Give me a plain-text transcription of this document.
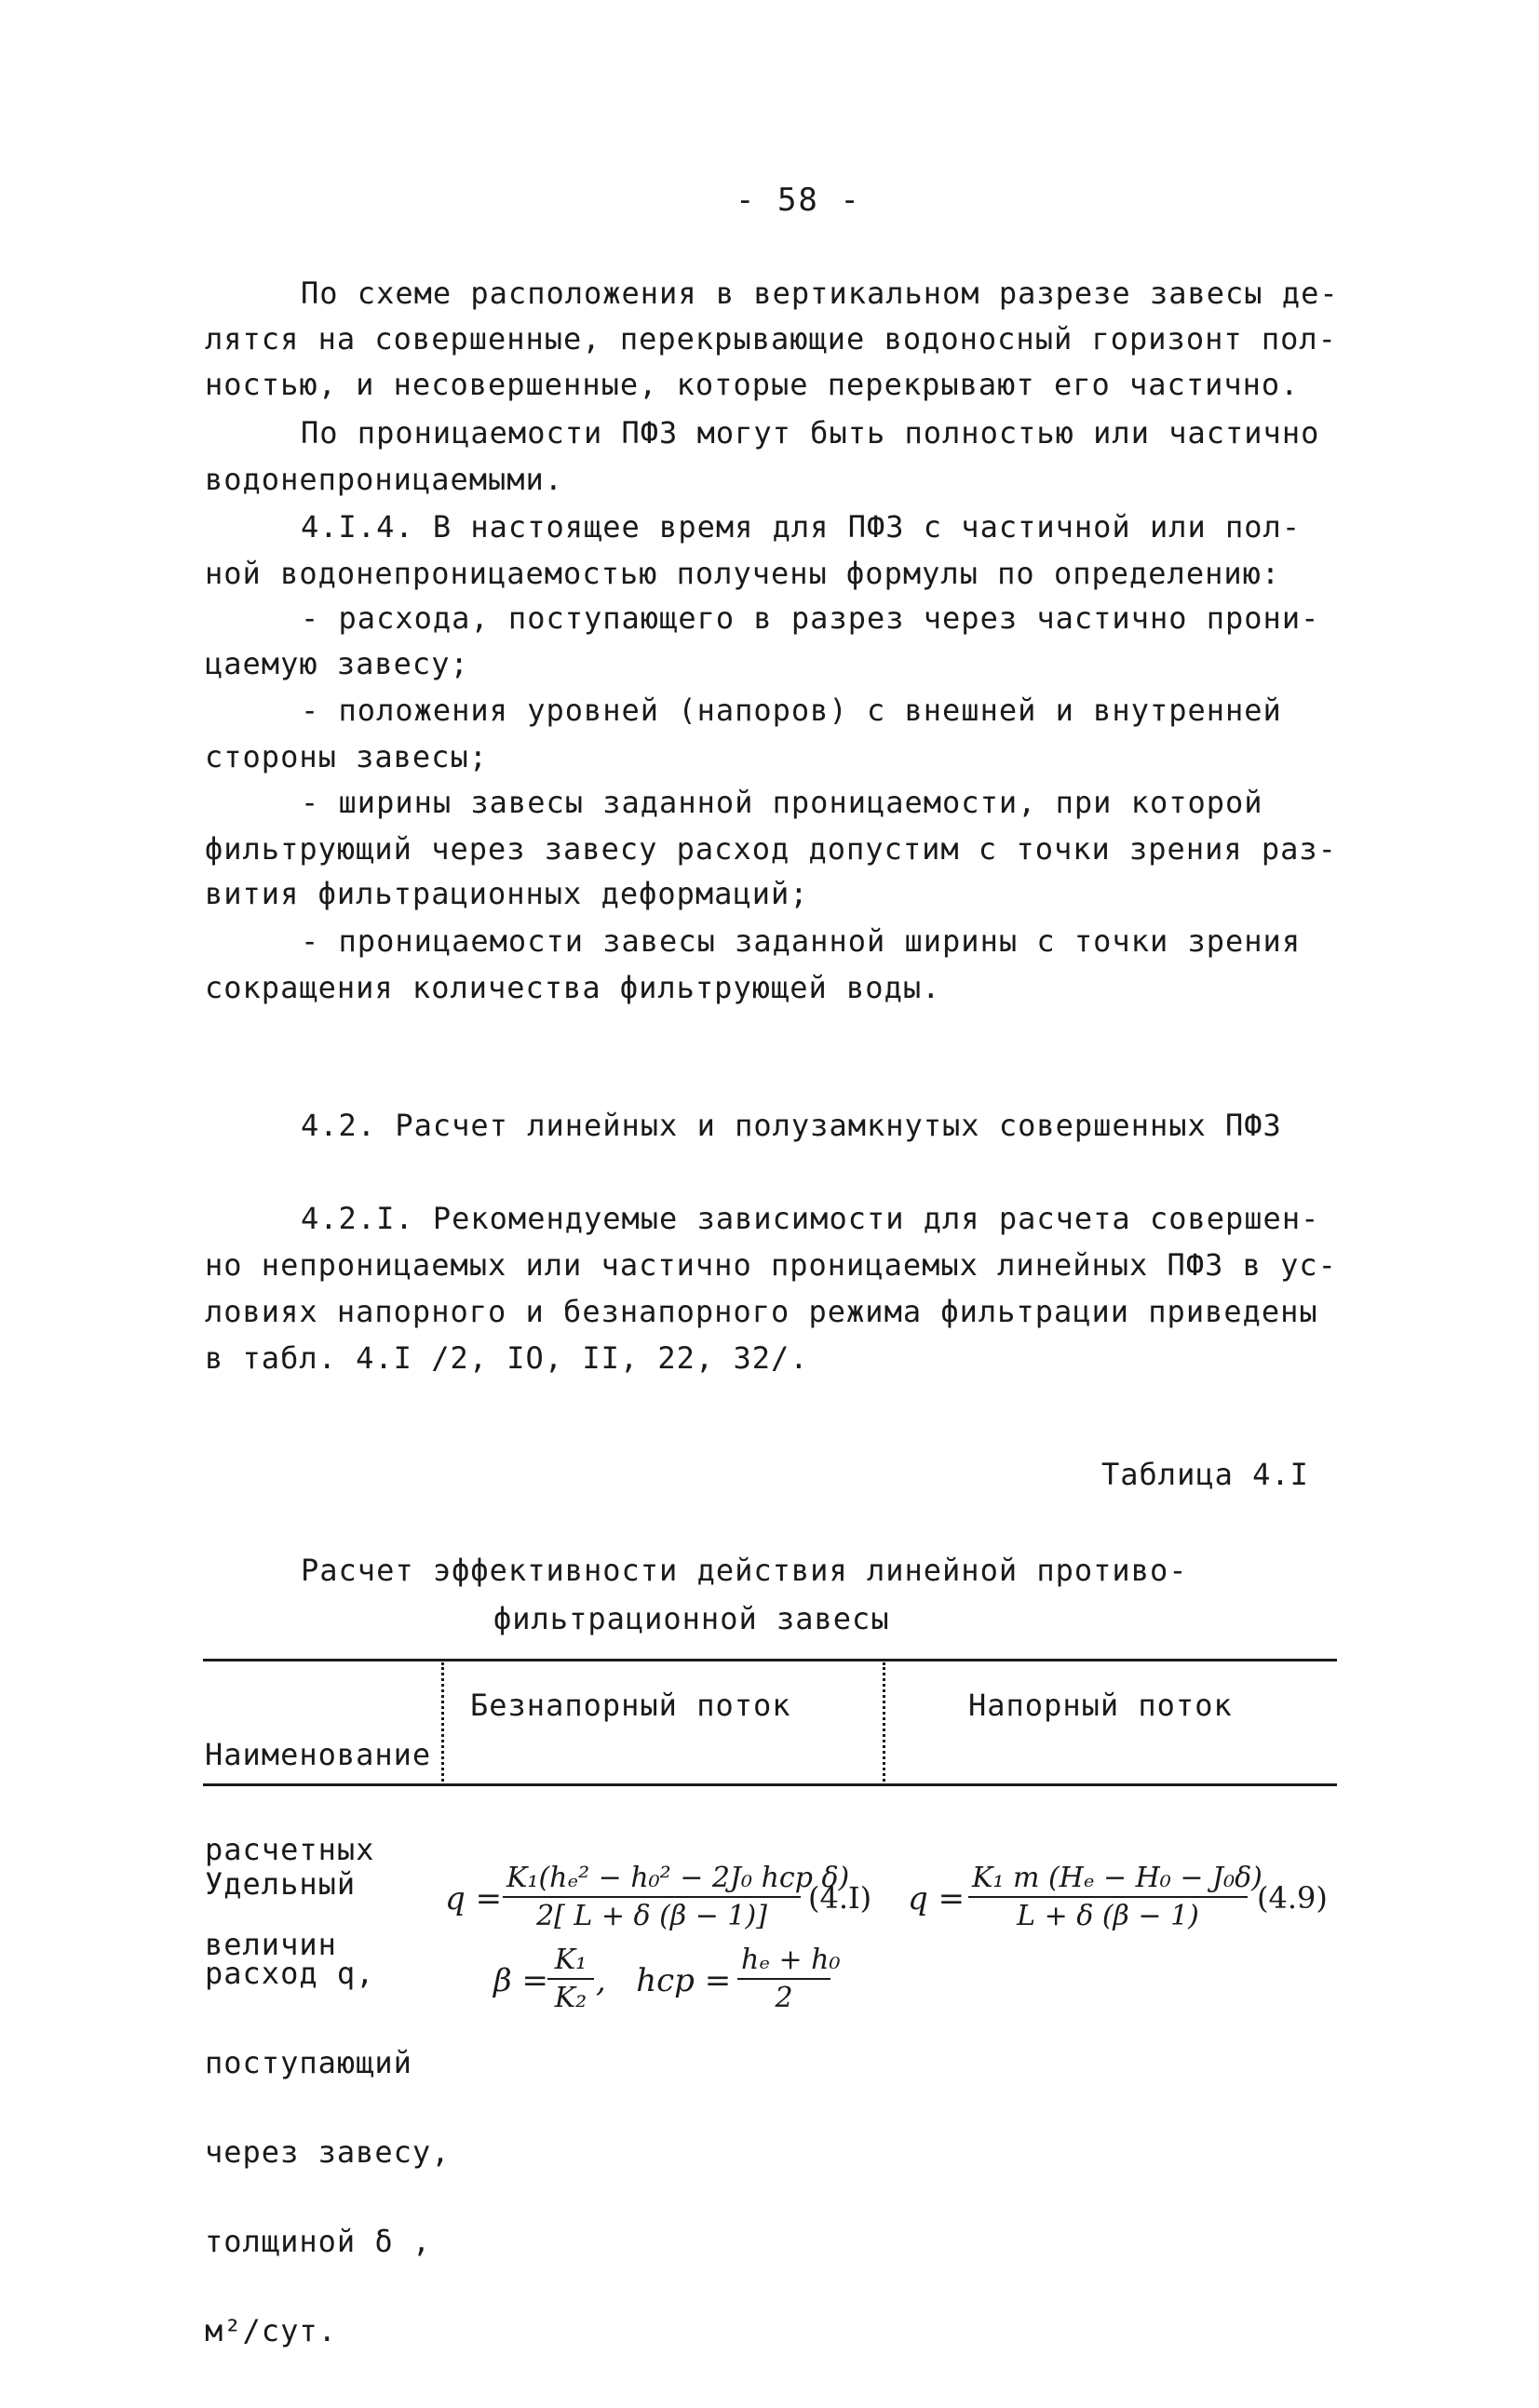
- 58 -
По схеме расположения в вертикальном разрезе завесы де-
лятся на совершенные, перекрывающие водоносный горизонт пол-
ностью, и несовершенные, которые перекрывают его частично.
По проницаемости ПФЗ могут быть полностью или частично
водонепроницаемыми.
4.I.4. В настоящее время для ПФЗ с частичной или пол-
ной водонепроницаемостью получены формулы по определению:
- расхода, поступающего в разрез через частично прони-
цаемую завесу;
- положения уровней (напоров) с внешней и внутренней
стороны завесы;
- ширины завесы заданной проницаемости, при которой
фильтрующий через завесу расход допустим с точки зрения раз-
вития фильтрационных деформаций;
- проницаемости завесы заданной ширины с точки зрения
сокращения количества фильтрующей воды.
4.2. Расчет линейных и полузамкнутых совершенных ПФЗ
4.2.I. Рекомендуемые зависимости для расчета совершен-
но непроницаемых или частично проницаемых линейных ПФЗ в ус-
ловиях напорного и безнапорного режима фильтрации приведены
в табл. 4.I /2, IO, II, 22, 32/.
Таблица 4.I
Расчет эффективности действия линейной противо-
фильтрационной завесы

Наименование

расчетных

величин

Безнапорный поток	Напорный поток

Удельный

расход q,

поступающий

через завесу,

толщиной δ ,

м²/сут.

q =
K₁(hₑ² − h₀² − 2J₀ hср δ)
2[ L + δ (β − 1)]
(4.I)
$\beta = \frac{\text{K₁}}{\text{K₂}}$ ,   hср = $\frac{\text{hₑ + h₀}}{2}$
$q = \frac{\text{K₁ m (Hₑ − H₀ − J₀δ)}}{L + \delta (\beta - 1)} (4.9)$
